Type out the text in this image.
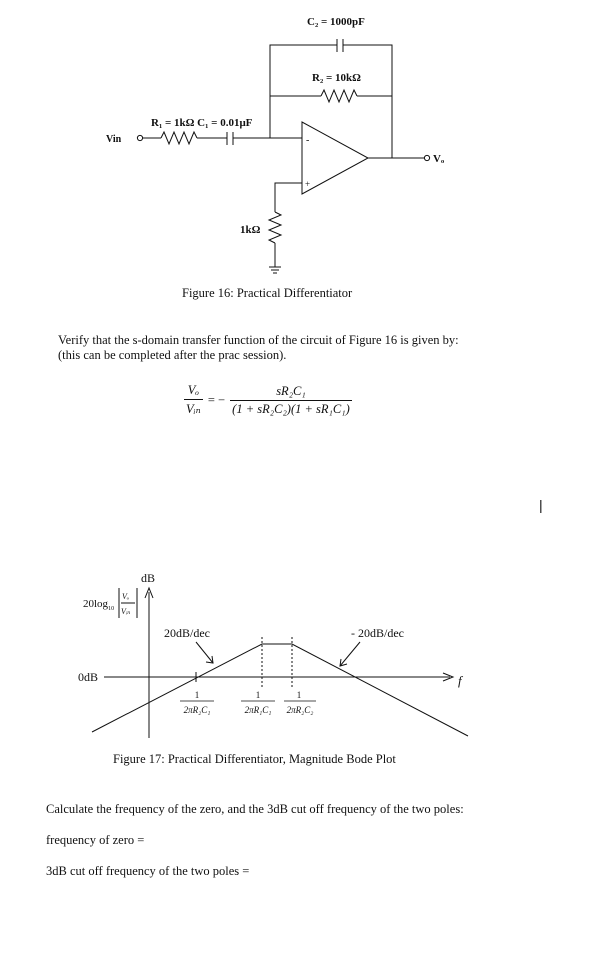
C₂ = 1000pF
R₂ = 10kΩ
R₁ = 1kΩ C₁ = 0.01μF
Vin
Vₒ
-
+
1kΩ
Figure 16: Practical Differentiator
Verify that the s-domain transfer function of the circuit of Figure 16 is given by:
(this can be completed after the prac session).
$\frac{\text{Vₒ}}{\text{Vᵢₙ}}$ = − $\frac{\text{sR₂C₁}}{\text{(1 + sR₂C₂)(1 + sR₁C₁)}}$
|
dB
$20\log_{10}$
Vₒ
Vᵢₙ
0dB
20dB/dec	- 20dB/dec
f
1
2πR₂C₁
1
2πR₁C₁
1
2πR₂C₂
Figure 17: Practical Differentiator, Magnitude Bode Plot
Calculate the frequency of the zero, and the 3dB cut off frequency of the two poles:
frequency of zero =
3dB cut off frequency of the two poles =
